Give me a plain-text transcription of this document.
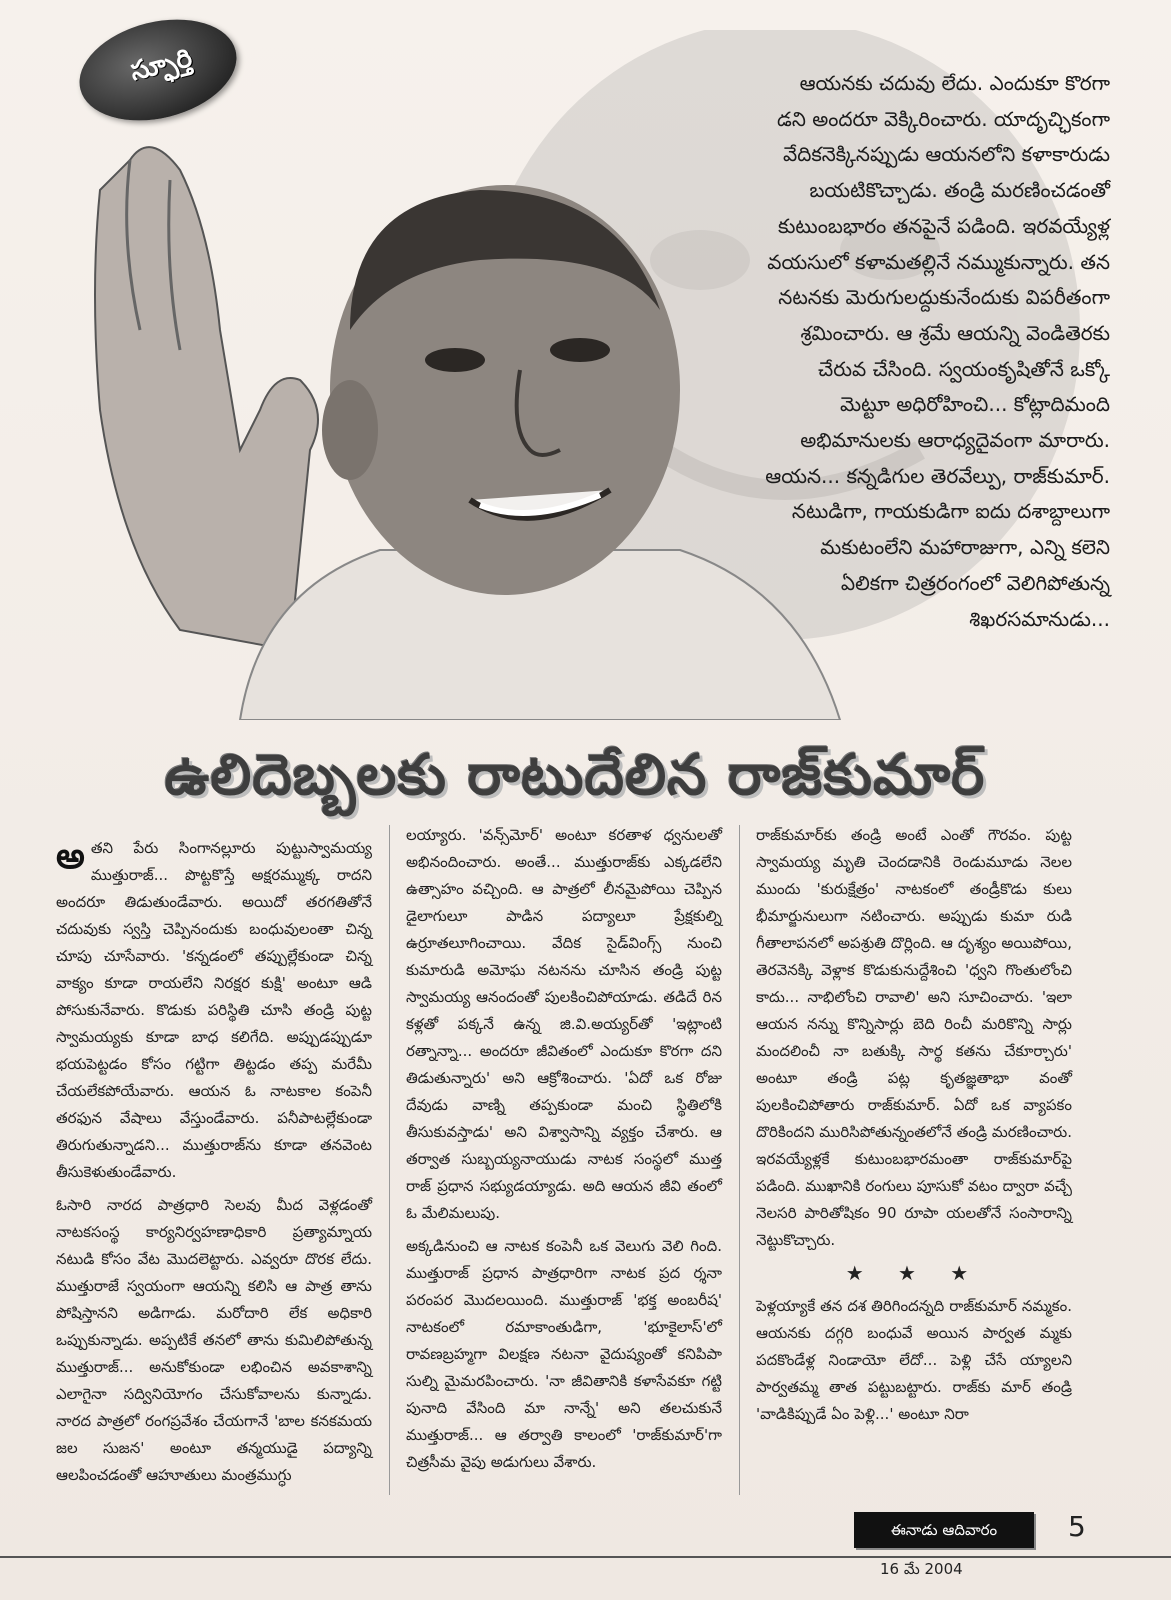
స్ఫూర్తి	ఆయనకు చదువు లేదు. ఎందుకూ కొరగా

డని అందరూ వెక్కిరించారు. యాదృచ్ఛికంగా

వేదికనెక్కినప్పుడు ఆయనలోని కళాకారుడు

బయటికొచ్చాడు. తండ్రి మరణించడంతో

కుటుంబభారం తనపైనే పడింది. ఇరవయ్యేళ్ల

వయసులో కళామతల్లినే నమ్ముకున్నారు. తన

నటనకు మెరుగులద్దుకునేందుకు విపరీతంగా

శ్రమించారు. ఆ శ్రమే ఆయన్ని వెండితెరకు

చేరువ చేసింది. స్వయంకృషితోనే ఒక్కో

మెట్టూ అధిరోహించి... కోట్లాదిమంది

అభిమానులకు ఆరాధ్యదైవంగా మారారు.

ఆయన... కన్నడిగుల తెరవేల్పు, రాజ్‌కుమార్.

నటుడిగా, గాయకుడిగా ఐదు దశాబ్దాలుగా

మకుటంలేని మహారాజుగా, ఎన్ని కలెని

ఏలికగా చిత్రరంగంలో వెలిగిపోతున్న

శిఖరసమానుడు...

ఉలిదెబ్బలకు రాటుదేలిన రాజ్‌కుమార్

అతని పేరు సింగానల్లూరు పుట్టుస్వామయ్య ముత్తురాజ్... పొట్టకొస్తే అక్షరమ్ముక్క రాదని అందరూ తిడుతుండేవారు. అయిదో తరగతితోనే చదువుకు స్వస్తి చెప్పినందుకు బంధువులంతా చిన్న చూపు చూసేవారు. 'కన్నడంలో తప్పుల్లేకుండా చిన్న వాక్యం కూడా రాయలేని నిరక్షర కుక్షి' అంటూ ఆడి పోసుకునేవారు. కొడుకు పరిస్థితి చూసి తండ్రి పుట్ట స్వామయ్యకు కూడా బాధ కలిగేది. అప్పుడప్పుడూ భయపెట్టడం కోసం గట్టిగా తిట్టడం తప్ప మరేమీ చేయలేకపోయేవారు. ఆయన ఓ నాటకాల కంపెనీ తరఫున వేషాలు వేస్తుండేవారు. పనీపాటల్లేకుండా తిరుగుతున్నాడని... ముత్తురాజ్‌ను కూడా తనవెంట తీసుకెళుతుండేవారు.

ఓసారి నారద పాత్రధారి సెలవు మీద వెళ్లడంతో నాటకసంస్థ కార్యనిర్వహణాధికారి ప్రత్యామ్నాయ నటుడి కోసం వేట మొదలెట్టారు. ఎవ్వరూ దొరక లేదు. ముత్తురాజే స్వయంగా ఆయన్ని కలిసి ఆ పాత్ర తాను పోషిస్తానని అడిగాడు. మరోదారి లేక అధికారి ఒప్పుకున్నాడు. అప్పటికే తనలో తాను కుమిలిపోతున్న ముత్తురాజ్... అనుకోకుండా లభించిన అవకాశాన్ని ఎలాగైనా సద్వినియోగం చేసుకోవాలను కున్నాడు. నారద పాత్రలో రంగప్రవేశం చేయగానే 'బాల కనకమయ జల సుజన' అంటూ తన్మయుడై పద్యాన్ని ఆలపించడంతో ఆహూతులు మంత్రముగ్ధు

లయ్యారు. 'వన్స్‌మోర్' అంటూ కరతాళ ధ్వనులతో అభినందించారు. అంతే... ముత్తురాజ్‌కు ఎక్కడలేని ఉత్సాహం వచ్చింది. ఆ పాత్రలో లీనమైపోయి చెప్పిన డైలాగులూ పాడిన పద్యాలూ ప్రేక్షకుల్ని ఉర్రూతలూగించాయి. వేదిక సైడ్‌వింగ్స్ నుంచి కుమారుడి అమోఘ నటనను చూసిన తండ్రి పుట్ట స్వామయ్య ఆనందంతో పులకించిపోయాడు. తడిదే రిన కళ్లతో పక్కనే ఉన్న జి.వి.అయ్యర్‌తో 'ఇట్లాంటి రత్నాన్నా... అందరూ జీవితంలో ఎందుకూ కొరగా దని తిడుతున్నారు' అని ఆక్రోశించారు. 'ఏదో ఒక రోజు దేవుడు వాణ్ని తప్పకుండా మంచి స్థితిలోకి తీసుకువస్తాడు' అని విశ్వాసాన్ని వ్యక్తం చేశారు. ఆ తర్వాత సుబ్బయ్యనాయుడు నాటక సంస్థలో ముత్త రాజ్ ప్రధాన సభ్యుడయ్యాడు. అది ఆయన జీవి తంలో ఓ మేలిమలుపు.

అక్కడినుంచి ఆ నాటక కంపెనీ ఒక వెలుగు వెలి గింది. ముత్తురాజ్ ప్రధాన పాత్రధారిగా నాటక ప్రద ర్శనా పరంపర మొదలయింది. ముత్తురాజ్ 'భక్త అంబరీష' నాటకంలో రమాకాంతుడిగా, 'భూకైలాస్'లో రావణబ్రహ్మగా విలక్షణ నటనా వైదుష్యంతో కనిపిపా సుల్ని మైమరపించారు. 'నా జీవితానికి కళాసేవకూ గట్టి పునాది వేసింది మా నాన్నే' అని తలచుకునే ముత్తురాజ్... ఆ తర్వాతి కాలంలో 'రాజ్‌కుమార్'గా చిత్రసీమ వైపు అడుగులు వేశారు.

రాజ్‌కుమార్‌కు తండ్రి అంటే ఎంతో గౌరవం. పుట్ట స్వామయ్య మృతి చెందడానికి రెండుమూడు నెలల ముందు 'కురుక్షేత్రం' నాటకంలో తండ్రీకొడు కులు భీమార్జునులుగా నటించారు. అప్పుడు కుమా రుడి గీతాలాపనలో అపశ్రుతి దొర్లింది. ఆ దృశ్యం అయిపోయి, తెరవెనక్కి వెళ్లాక కొడుకునుద్దేశించి 'ధ్వని గొంతులోంచి కాదు... నాభిలోంచి రావాలి' అని సూచించారు. 'ఇలా ఆయన నన్ను కొన్నిసార్లు బెది రించీ మరికొన్ని సార్లు మందలించీ నా బతుక్కి సార్థ కతను చేకూర్చారు' అంటూ తండ్రి పట్ల కృతజ్ఞతాభా వంతో పులకించిపోతారు రాజ్‌కుమార్. ఏదో ఒక వ్యాపకం దొరికిందని మురిసిపోతున్నంతలోనే తండ్రి మరణించారు. ఇరవయ్యేళ్లకే కుటుంబభారమంతా రాజ్‌కుమార్‌పై పడింది. ముఖానికి రంగులు పూసుకో వటం ద్వారా వచ్చే నెలసరి పారితోషికం 90 రూపా యలతోనే సంసారాన్ని నెట్టుకొచ్చారు.

★ ★ ★

పెళ్లయ్యాకే తన దశ తిరిగిందన్నది రాజ్‌కుమార్ నమ్మకం. ఆయనకు దగ్గరి బంధువే అయిన పార్వత మ్మకు పదకొండేళ్ల నిండాయో లేదో... పెళ్లి చేసే య్యాలని పార్వతమ్మ తాత పట్టుబట్టారు. రాజ్‌కు మార్ తండ్రి 'వాడికిప్పుడే ఏం పెళ్లి...' అంటూ నిరా

ఈనాడు ఆదివారం	5
16 మే 2004
